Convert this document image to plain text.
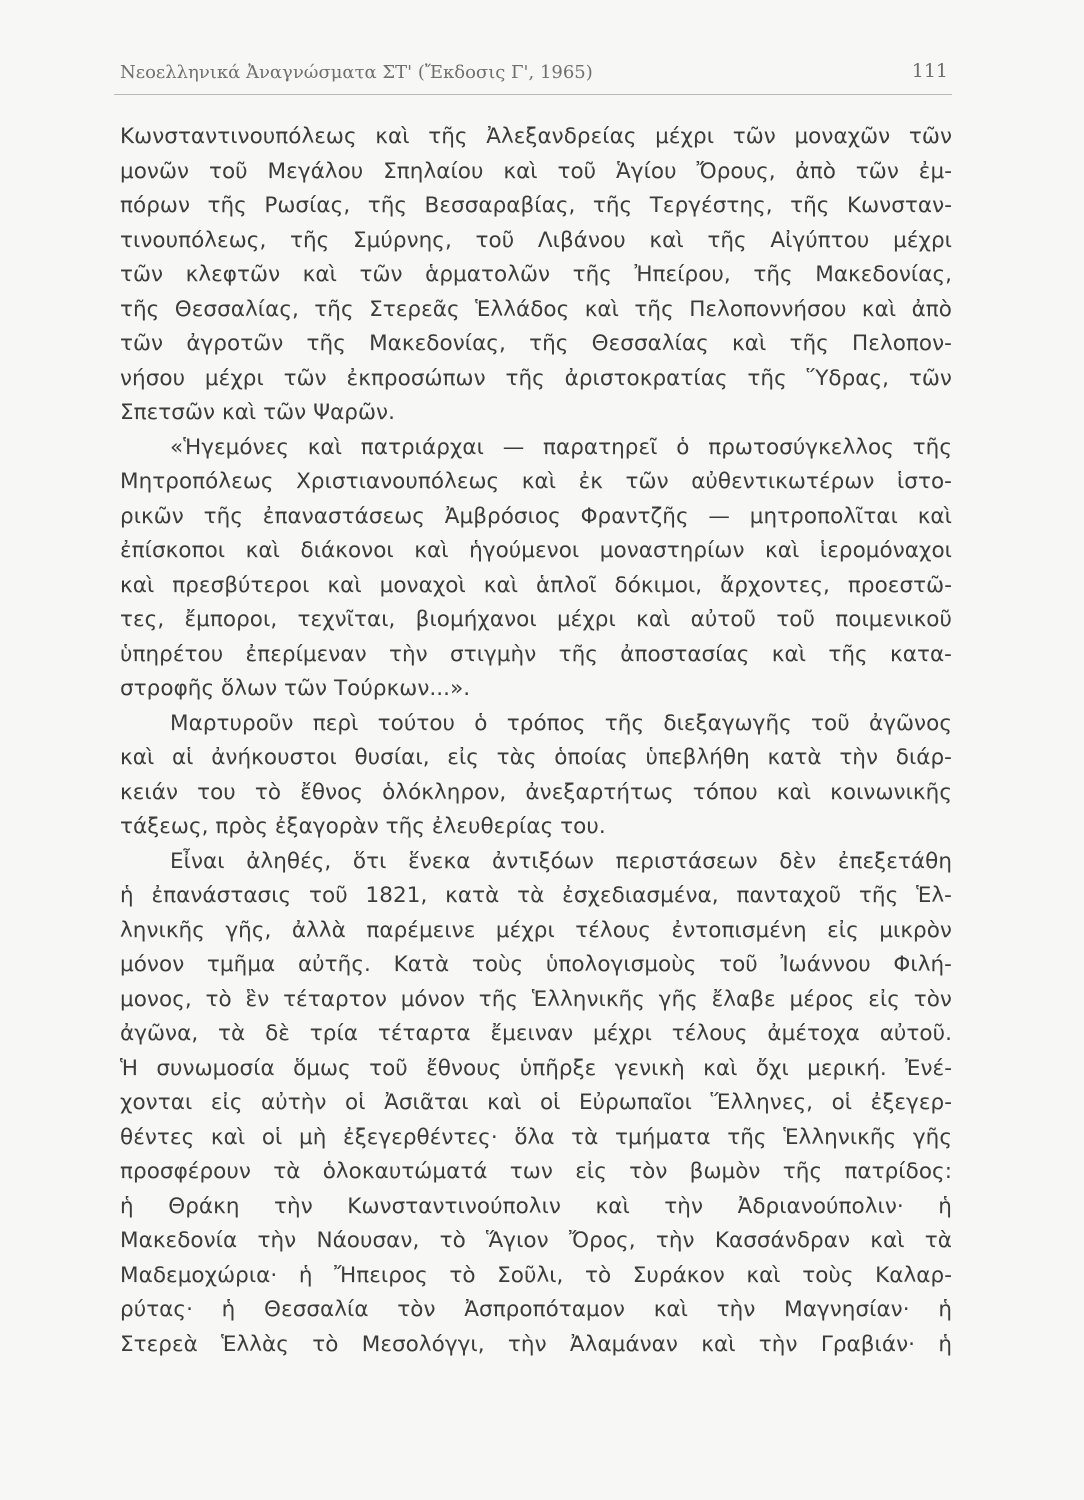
Νεοελληνικά Ἀναγνώσματα ΣΤ' (Ἔκδοσις Γ', 1965)	111
Κωνσταντινουπόλεως καὶ τῆς Ἀλεξανδρείας μέχρι τῶν μοναχῶν τῶν
μονῶν τοῦ Μεγάλου Σπηλαίου καὶ τοῦ Ἁγίου Ὄρους, ἀπὸ τῶν ἐμ-
πόρων τῆς Ρωσίας, τῆς Βεσσαραβίας, τῆς Τεργέστης, τῆς Κωνσταν-
τινουπόλεως, τῆς Σμύρνης, τοῦ Λιβάνου καὶ τῆς Αἰγύπτου μέχρι
τῶν κλεφτῶν καὶ τῶν ἁρματολῶν τῆς Ἠπείρου, τῆς Μακεδονίας,
τῆς Θεσσαλίας, τῆς Στερεᾶς Ἑλλάδος καὶ τῆς Πελοποννήσου καὶ ἀπὸ
τῶν ἀγροτῶν τῆς Μακεδονίας, τῆς Θεσσαλίας καὶ τῆς Πελοπον-
νήσου μέχρι τῶν ἐκπροσώπων τῆς ἀριστοκρατίας τῆς Ὕδρας, τῶν
Σπετσῶν καὶ τῶν Ψαρῶν.
«Ἡγεμόνες καὶ πατριάρχαι — παρατηρεῖ ὁ πρωτοσύγκελλος τῆς
Μητροπόλεως Χριστιανουπόλεως καὶ ἐκ τῶν αὐθεντικωτέρων ἱστο-
ρικῶν τῆς ἐπαναστάσεως Ἀμβρόσιος Φραντζῆς — μητροπολῖται καὶ
ἐπίσκοποι καὶ διάκονοι καὶ ἡγούμενοι μοναστηρίων καὶ ἱερομόναχοι
καὶ πρεσβύτεροι καὶ μοναχοὶ καὶ ἁπλοῖ δόκιμοι, ἄρχοντες, προεστῶ-
τες, ἔμποροι, τεχνῖται, βιομήχανοι μέχρι καὶ αὐτοῦ τοῦ ποιμενικοῦ
ὑπηρέτου ἐπερίμεναν τὴν στιγμὴν τῆς ἀποστασίας καὶ τῆς κατα-
στροφῆς ὅλων τῶν Τούρκων...».
Μαρτυροῦν περὶ τούτου ὁ τρόπος τῆς διεξαγωγῆς τοῦ ἀγῶνος
καὶ αἱ ἀνήκουστοι θυσίαι, εἰς τὰς ὁποίας ὑπεβλήθη κατὰ τὴν διάρ-
κειάν του τὸ ἔθνος ὁλόκληρον, ἀνεξαρτήτως τόπου καὶ κοινωνικῆς
τάξεως, πρὸς ἐξαγορὰν τῆς ἐλευθερίας του.
Εἶναι ἀληθές, ὅτι ἕνεκα ἀντιξόων περιστάσεων δὲν ἐπεξετάθη
ἡ ἐπανάστασις τοῦ 1821, κατὰ τὰ ἐσχεδιασμένα, πανταχοῦ τῆς Ἑλ-
ληνικῆς γῆς, ἀλλὰ παρέμεινε μέχρι τέλους ἐντοπισμένη εἰς μικρὸν
μόνον τμῆμα αὐτῆς. Κατὰ τοὺς ὑπολογισμοὺς τοῦ Ἰωάννου Φιλή-
μονος, τὸ ἓν τέταρτον μόνον τῆς Ἑλληνικῆς γῆς ἔλαβε μέρος εἰς τὸν
ἀγῶνα, τὰ δὲ τρία τέταρτα ἔμειναν μέχρι τέλους ἀμέτοχα αὐτοῦ.
Ἡ συνωμοσία ὅμως τοῦ ἔθνους ὑπῆρξε γενικὴ καὶ ὄχι μερική. Ἐνέ-
χονται εἰς αὐτὴν οἱ Ἀσιᾶται καὶ οἱ Εὐρωπαῖοι Ἕλληνες, οἱ ἐξεγερ-
θέντες καὶ οἱ μὴ ἐξεγερθέντες· ὅλα τὰ τμήματα τῆς Ἑλληνικῆς γῆς
προσφέρουν τὰ ὁλοκαυτώματά των εἰς τὸν βωμὸν τῆς πατρίδος:
ἡ Θράκη τὴν Κωνσταντινούπολιν καὶ τὴν Ἀδριανούπολιν· ἡ
Μακεδονία τὴν Νάουσαν, τὸ Ἅγιον Ὄρος, τὴν Κασσάνδραν καὶ τὰ
Μαδεμοχώρια· ἡ Ἤπειρος τὸ Σοῦλι, τὸ Συράκον καὶ τοὺς Καλαρ-
ρύτας· ἡ Θεσσαλία τὸν Ἀσπροπόταμον καὶ τὴν Μαγνησίαν· ἡ
Στερεὰ Ἑλλὰς τὸ Μεσολόγγι, τὴν Ἀλαμάναν καὶ τὴν Γραβιάν· ἡ
